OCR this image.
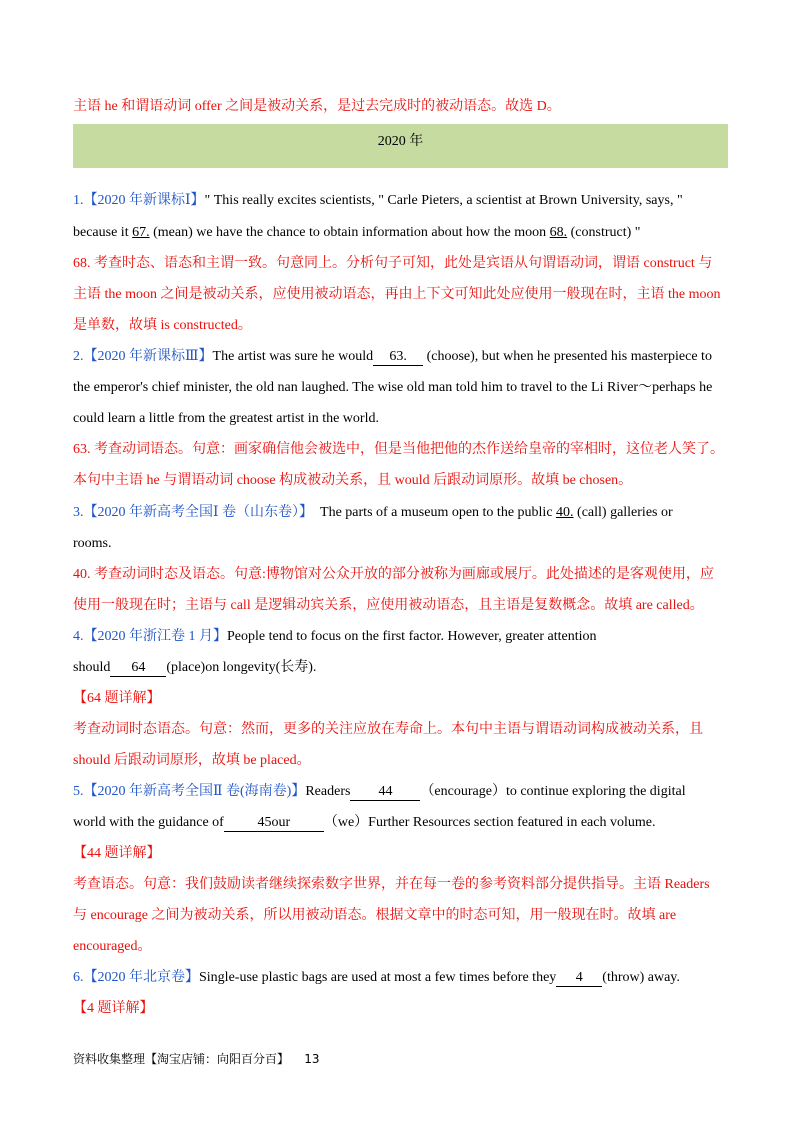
主语 he 和谓语动词 offer 之间是被动关系，是过去完成时的被动语态。故选 D。
2020 年
1.【2020 年新课标Ⅰ】" This really excites scientists, " Carle Pieters, a scientist at Brown University, says, "
because it 67. (mean) we have the chance to obtain information about how the moon 68. (construct) "
68. 考查时态、语态和主谓一致。句意同上。分析句子可知，此处是宾语从句谓语动词，谓语 construct 与
主语 the moon 之间是被动关系，应使用被动语态，再由上下文可知此处应使用一般现在时，主语 the moon
是单数，故填 is constructed。
2.【2020 年新课标Ⅲ】The artist was sure he would 63. (choose), but when he presented his masterpiece to
the emperor's chief minister, the old nan laughed. The wise old man told him to travel to the Li River～perhaps he
could learn a little from the greatest artist in the world.
63. 考查动词语态。句意：画家确信他会被选中，但是当他把他的杰作送给皇帝的宰相时，这位老人笑了。
本句中主语 he 与谓语动词 choose 构成被动关系，且 would 后跟动词原形。故填 be chosen。
3.【2020 年新高考全国Ⅰ 卷（山东卷）】  The parts of a museum open to the public 40. (call) galleries or
rooms.
40. 考查动词时态及语态。句意:博物馆对公众开放的部分被称为画廊或展厅。此处描述的是客观使用，应
使用一般现在时；主语与 call 是逻辑动宾关系，应使用被动语态，且主语是复数概念。故填 are called。
4.【2020 年浙江卷 1 月】People tend to focus on the first factor. However, greater attention
should 64 (place)on longevity(长寿).
【64 题详解】
考查动词时态语态。句意：然而，更多的关注应放在寿命上。本句中主语与谓语动词构成被动关系，且
should 后跟动词原形，故填 be placed。
5.【2020 年新高考全国Ⅱ 卷(海南卷)】Readers 44 （encourage）to continue exploring the digital
world with the guidance of 45our （we）Further Resources section featured in each volume.
【44 题详解】
考查语态。句意：我们鼓励读者继续探索数字世界，并在每一卷的参考资料部分提供指导。主语 Readers
与 encourage 之间为被动关系，所以用被动语态。根据文章中的时态可知，用一般现在时。故填 are
encouraged。
6.【2020 年北京卷】Single-use plastic bags are used at most a few times before they 4 (throw) away.
【4 题详解】
资料收集整理【淘宝店铺：向阳百分百】    13
